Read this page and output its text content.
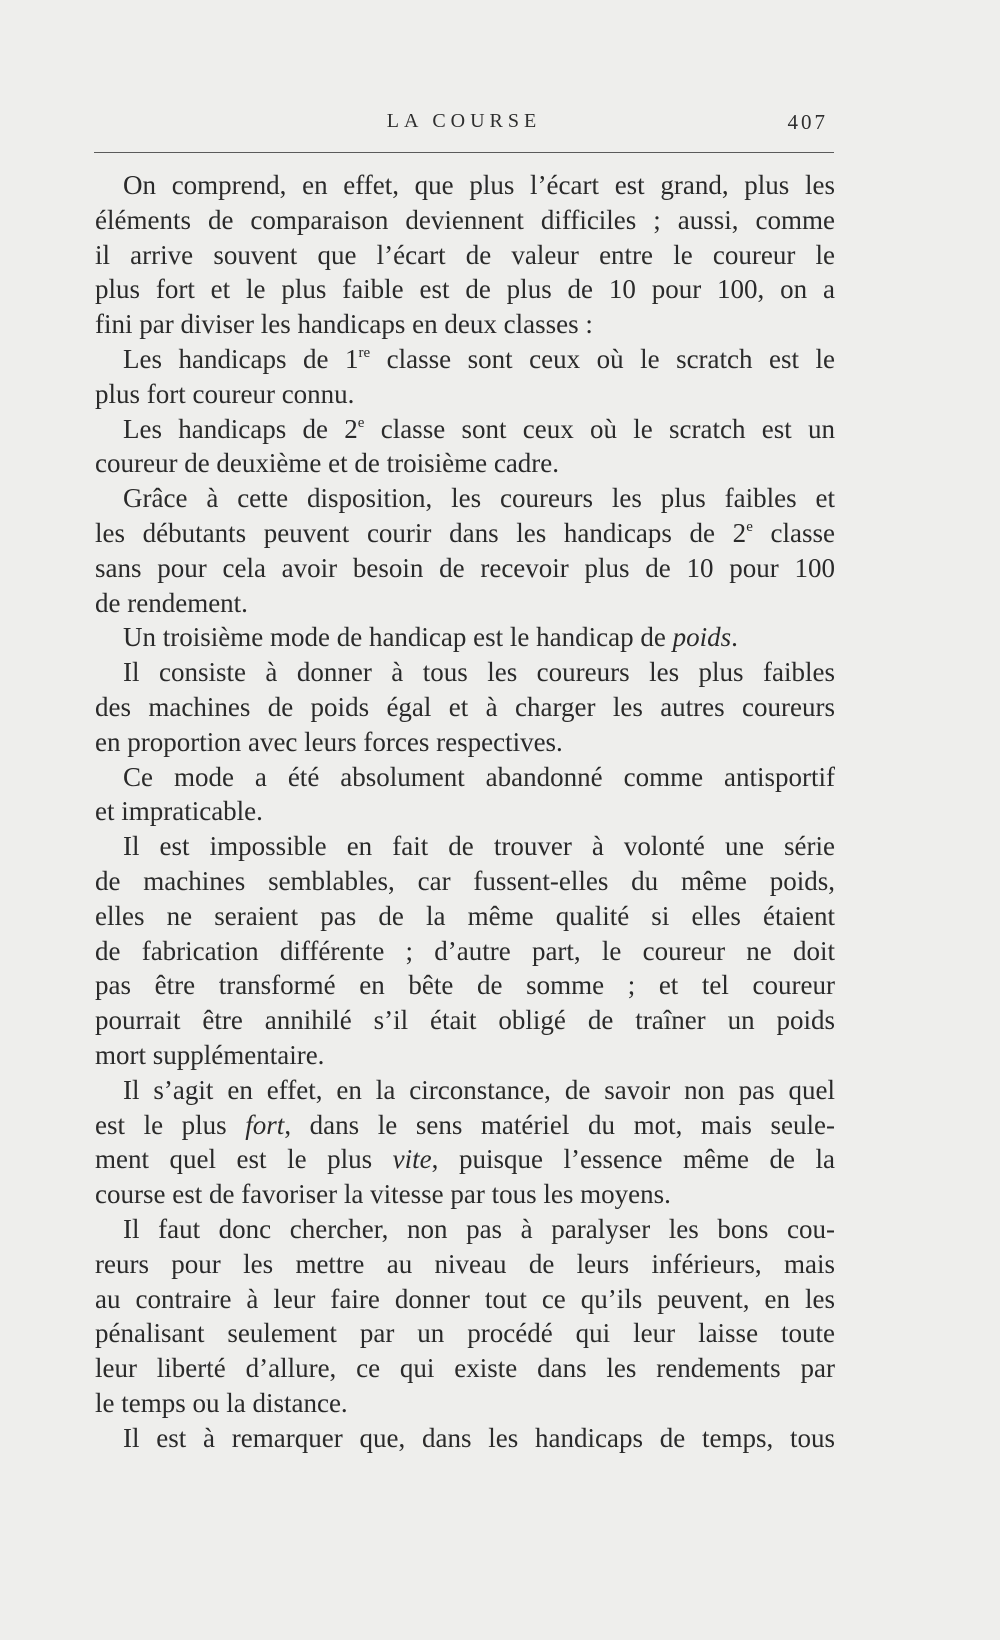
LA COURSE	407
On comprend, en effet, que plus l’écart est grand, plus les
éléments de comparaison deviennent difficiles ; aussi, comme
il arrive souvent que l’écart de valeur entre le coureur le
plus fort et le plus faible est de plus de 10 pour 100, on a
fini par diviser les handicaps en deux classes :
Les handicaps de 1re classe sont ceux où le scratch est le
plus fort coureur connu.
Les handicaps de 2e classe sont ceux où le scratch est un
coureur de deuxième et de troisième cadre.
Grâce à cette disposition, les coureurs les plus faibles et
les débutants peuvent courir dans les handicaps de 2e classe
sans pour cela avoir besoin de recevoir plus de 10 pour 100
de rendement.
Un troisième mode de handicap est le handicap de poids.
Il consiste à donner à tous les coureurs les plus faibles
des machines de poids égal et à charger les autres coureurs
en proportion avec leurs forces respectives.
Ce mode a été absolument abandonné comme antisportif
et impraticable.
Il est impossible en fait de trouver à volonté une série
de machines semblables, car fussent-elles du même poids,
elles ne seraient pas de la même qualité si elles étaient
de fabrication différente ; d’autre part, le coureur ne doit
pas être transformé en bête de somme ; et tel coureur
pourrait être annihilé s’il était obligé de traîner un poids
mort supplémentaire.
Il s’agit en effet, en la circonstance, de savoir non pas quel
est le plus fort, dans le sens matériel du mot, mais seule-
ment quel est le plus vite, puisque l’essence même de la
course est de favoriser la vitesse par tous les moyens.
Il faut donc chercher, non pas à paralyser les bons cou-
reurs pour les mettre au niveau de leurs inférieurs, mais
au contraire à leur faire donner tout ce qu’ils peuvent, en les
pénalisant seulement par un procédé qui leur laisse toute
leur liberté d’allure, ce qui existe dans les rendements par
le temps ou la distance.
Il est à remarquer que, dans les handicaps de temps, tous
